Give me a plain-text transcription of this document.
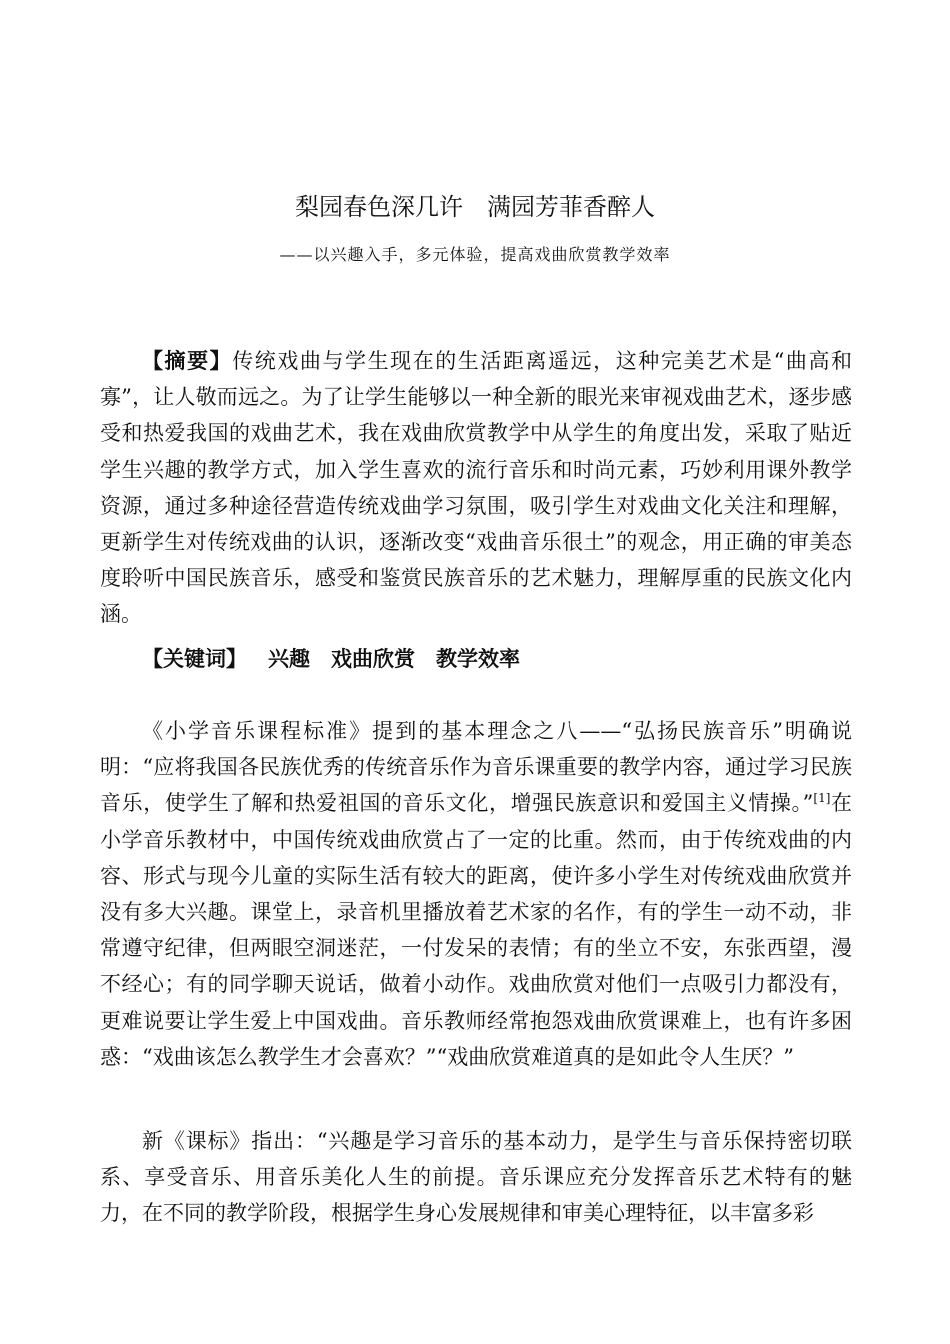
梨园春色深几许　满园芳菲香醉人
——以兴趣入手，多元体验，提高戏曲欣赏教学效率
【摘要】传统戏曲与学生现在的生活距离遥远，这种完美艺术是“曲高和寡”，让人敬而远之。为了让学生能够以一种全新的眼光来审视戏曲艺术，逐步感受和热爱我国的戏曲艺术，我在戏曲欣赏教学中从学生的角度出发，采取了贴近学生兴趣的教学方式，加入学生喜欢的流行音乐和时尚元素，巧妙利用课外教学资源，通过多种途径营造传统戏曲学习氛围，吸引学生对戏曲文化关注和理解，更新学生对传统戏曲的认识，逐渐改变“戏曲音乐很土”的观念，用正确的审美态度聆听中国民族音乐，感受和鉴赏民族音乐的艺术魅力，理解厚重的民族文化内涵。
【关键词】 兴趣 戏曲欣赏 教学效率
《小学音乐课程标准》提到的基本理念之八——“弘扬民族音乐”明确说明：“应将我国各民族优秀的传统音乐作为音乐课重要的教学内容，通过学习民族音乐，使学生了解和热爱祖国的音乐文化，增强民族意识和爱国主义情操。”[1]在小学音乐教材中，中国传统戏曲欣赏占了一定的比重。然而，由于传统戏曲的内容、形式与现今儿童的实际生活有较大的距离，使许多小学生对传统戏曲欣赏并没有多大兴趣。课堂上，录音机里播放着艺术家的名作，有的学生一动不动，非常遵守纪律，但两眼空洞迷茫，一付发呆的表情；有的坐立不安，东张西望，漫不经心；有的同学聊天说话，做着小动作。戏曲欣赏对他们一点吸引力都没有，更难说要让学生爱上中国戏曲。音乐教师经常抱怨戏曲欣赏课难上，也有许多困惑：“戏曲该怎么教学生才会喜欢？”“戏曲欣赏难道真的是如此令人生厌？”
新《课标》指出：“兴趣是学习音乐的基本动力，是学生与音乐保持密切联系、享受音乐、用音乐美化人生的前提。音乐课应充分发挥音乐艺术特有的魅力，在不同的教学阶段，根据学生身心发展规律和审美心理特征，以丰富多彩
